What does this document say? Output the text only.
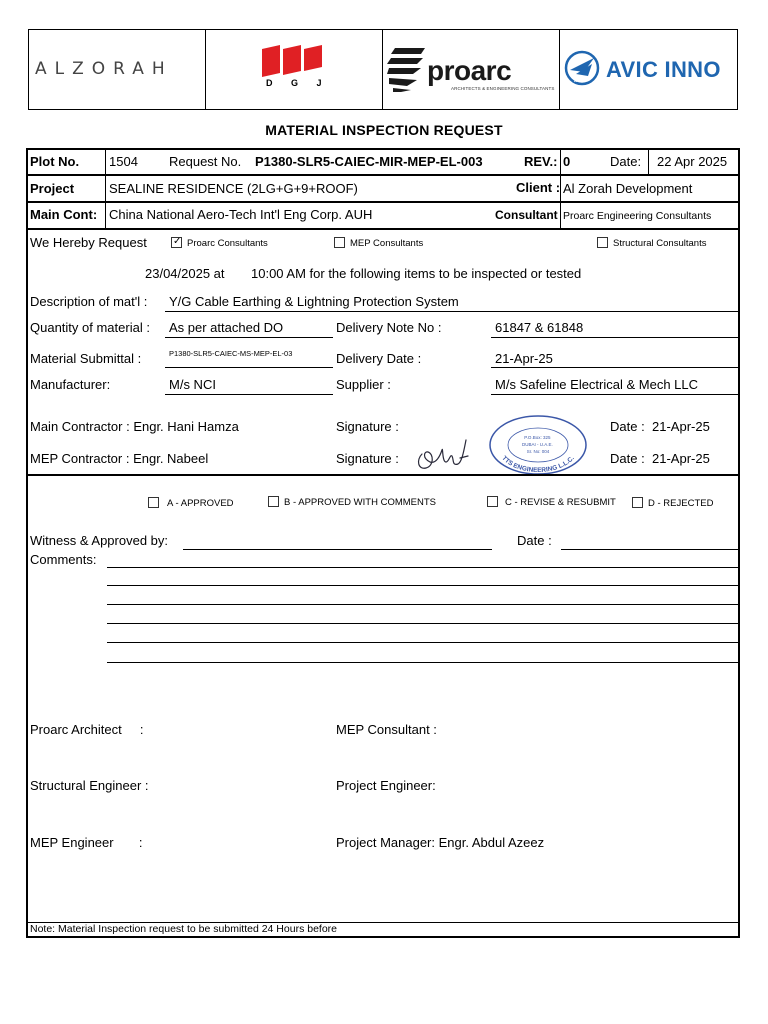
ALZORAH
D G J	proarc
ARCHITECTS & ENGINEERING CONSULTANTS
AVIC AVIC INNO
MATERIAL INSPECTION REQUEST
Plot No. 1504 Request No. P1380-SLR5-CAIEC-MIR-MEP-EL-003	REV.: 0	Date: 22 Apr 2025
Project	SEALINE RESIDENCE (2LG+G+9+ROOF)	Client : Al Zorah Development
Main Cont: China National Aero-Tech Int'l Eng Corp. AUH	Consultant Proarc Engineering Consultants
We Hereby Request ✓	Proarc Consultants	MEP Consultants	Structural Consultants
23/04/2025 at 10:00 AM for the following items to be inspected or tested
Description of mat'l : Y/G Cable Earthing & Lightning Protection System
Quantity of material : As per attached DO	Delivery Note No :	61847 & 61848
Material Submittal :	P1380-SLR5-CAIEC-MS-MEP-EL-03	Delivery Date :	21-Apr-25
Manufacturer:	M/s NCI	Supplier :	M/s Safeline Electrical & Mech LLC
Main Contractor : Engr. Hani Hamza	Signature :	Date : 21-Apr-25
MEP Contractor : Engr. Nabeel	Signature :	Date : 21-Apr-25
P.O.Box: 325 DUBAI - U.A.E. Sr. No: 004
TTS ENGINEERING L.L.C.
A - APPROVED	B - APPROVED WITH COMMENTS	C - REVISE & RESUBMIT	D - REJECTED
Witness & Approved by:	Date :
Comments:
Proarc Architect     :	MEP Consultant :
Structural Engineer :	Project Engineer:
MEP Engineer       :	Project Manager: Engr. Abdul Azeez
Note: Material Inspection request to be submitted 24 Hours before
